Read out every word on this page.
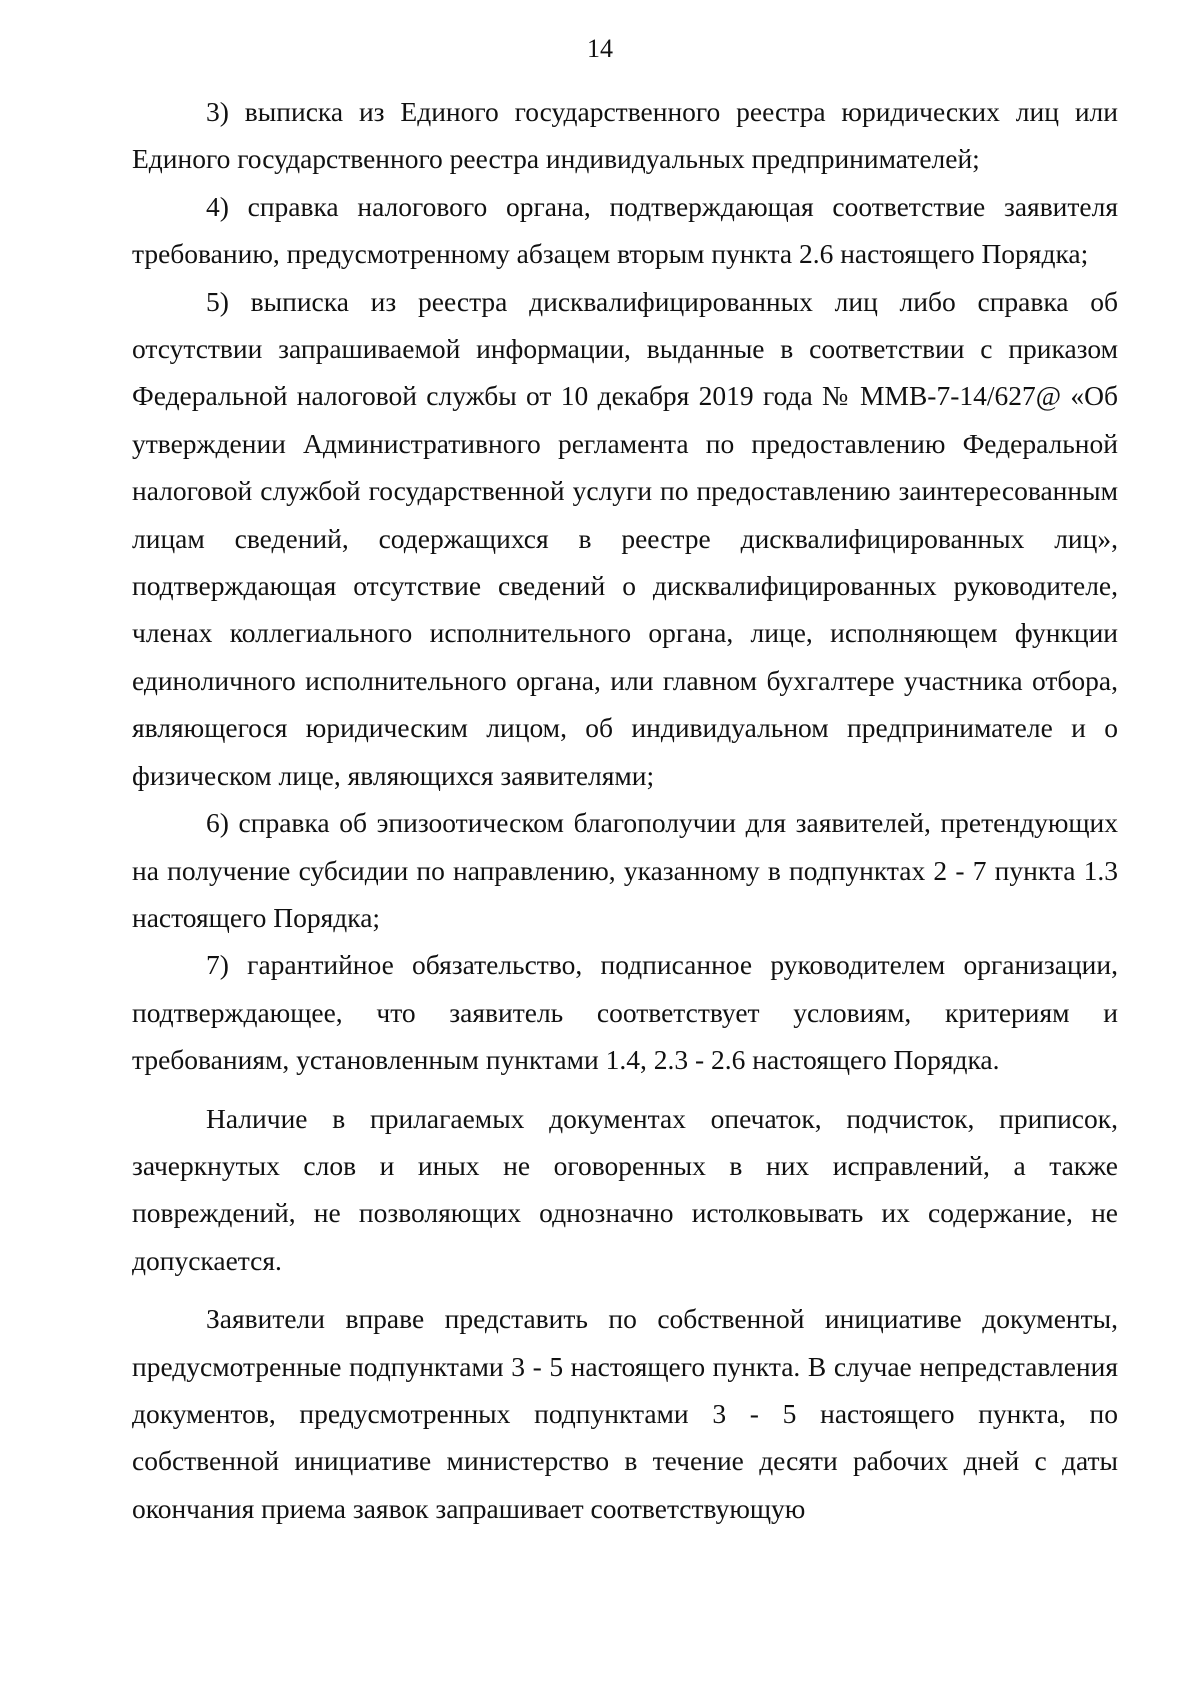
14

3) выписка из Единого государственного реестра юридических лиц или Единого государственного реестра индивидуальных предпринимателей;

4) справка налогового органа, подтверждающая соответствие заявителя требованию, предусмотренному абзацем вторым пункта 2.6 настоящего Порядка;

5) выписка из реестра дисквалифицированных лиц либо справка об отсутствии запрашиваемой информации, выданные в соответствии с приказом Федеральной налоговой службы от 10 декабря 2019 года № ММВ-7-14/627@ «Об утверждении Административного регламента по предоставлению Федеральной налоговой службой государственной услуги по предоставлению заинтересованным лицам сведений, содержащихся в реестре дисквалифицированных лиц», подтверждающая отсутствие сведений о дисквалифицированных руководителе, членах коллегиального исполнительного органа, лице, исполняющем функции единоличного исполнительного органа, или главном бухгалтере участника отбора, являющегося юридическим лицом, об индивидуальном предпринимателе и о физическом лице, являющихся заявителями;

6) справка об эпизоотическом благополучии для заявителей, претендующих на получение субсидии по направлению, указанному в подпунктах 2 - 7 пункта 1.3 настоящего Порядка;

7) гарантийное обязательство, подписанное руководителем организации, подтверждающее, что заявитель соответствует условиям, критериям и требованиям, установленным пунктами 1.4, 2.3 - 2.6 настоящего Порядка.

Наличие в прилагаемых документах опечаток, подчисток, приписок, зачеркнутых слов и иных не оговоренных в них исправлений, а также повреждений, не позволяющих однозначно истолковывать их содержание, не допускается.

Заявители вправе представить по собственной инициативе документы, предусмотренные подпунктами 3 - 5 настоящего пункта. В случае непредставления документов, предусмотренных подпунктами 3 - 5 настоящего пункта, по собственной инициативе министерство в течение десяти рабочих дней с даты окончания приема заявок запрашивает соответствующую
